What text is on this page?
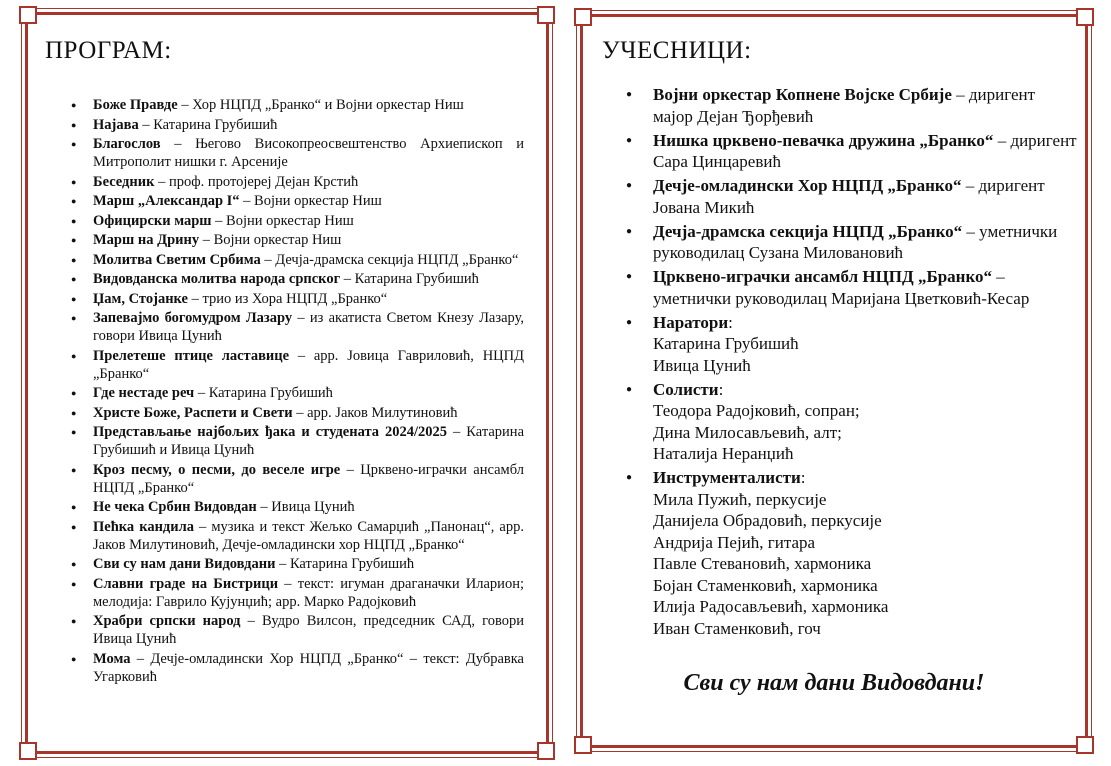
ПРОГРАМ:
● Боже Правде – Хор НЦПД „Бранко“ и Војни оркестар Ниш
● Најава – Катарина Грубишић
● Благослов – Његово Високопреосвештенство Архиепископ и Митрополит нишки г. Арсеније
● Беседник – проф. протојереј Дејан Крстић
● Марш „Александар I“ – Војни оркестар Ниш
● Официрски марш – Војни оркестар Ниш
● Марш на Дрину – Војни оркестар Ниш
● Молитва Светим Србима – Дечја-драмска секција НЦПД „Бранко“
● Видовданска молитва народа српског – Катарина Грубишић
● Џам, Стојанке – трио из Хора НЦПД „Бранко“
● Запевајмо богомудром Лазару – из акатиста Светом Кнезу Лазару, говори Ивица Цунић
● Прелетеше птице ластавице – арр. Јовица Гавриловић, НЦПД „Бранко“
● Где нестаде реч – Катарина Грубишић
● Христе Боже, Распети и Свети – арр. Јаков Милутиновић
● Представљање најбољих ђака и студената 2024/2025 – Катарина Грубишић и Ивица Цунић
● Кроз песму, о песми, до веселе игре – Црквено-играчки ансамбл НЦПД „Бранко“
● Не чека Србин Видовдан – Ивица Цунић
● Пећка кандила – музика и текст Жељко Самарџић „Панонац“, арр. Јаков Милутиновић, Дечје-омладински хор НЦПД „Бранко“
● Сви су нам дани Видовдани – Катарина Грубишић
● Славни граде на Бистрици – текст: игуман драганачки Иларион; мелодија: Гаврило Кујунџић; арр. Марко Радојковић
● Храбри српски народ – Вудро Вилсон, председник САД, говори Ивица Цунић
● Мома – Дечје-омладински Хор НЦПД „Бранко“ – текст: Дубравка Угарковић
УЧЕСНИЦИ:
● Војни оркестар Копнене Војске Србије – диригент мајор Дејан Ђорђевић
● Нишка црквено-певачка дружина „Бранко“ – диригент Сара Цинцаревић
● Дечје-омладински Хор НЦПД „Бранко“ – диригент Јована Микић
● Дечја-драмска секција НЦПД „Бранко“ – уметнички руководилац Сузана Миловановић
● Црквено-играчки ансамбл НЦПД „Бранко“ – уметнички руководилац Маријана Цветковић-Кесар
● Наратори:
Катарина Грубишић
Ивица Цунић
● Солисти:
Теодора Радојковић, сопран;
Дина Милосављевић, алт;
Наталија Неранџић
● Инструменталисти:
Мила Пужић, перкусије
Данијела Обрадовић, перкусије
Андрија Пејић, гитара
Павле Стевановић, хармоника
Бојан Стаменковић, хармоника
Илија Радосављевић, хармоника
Иван Стаменковић, гоч
Сви су нам дани Видовдани!
